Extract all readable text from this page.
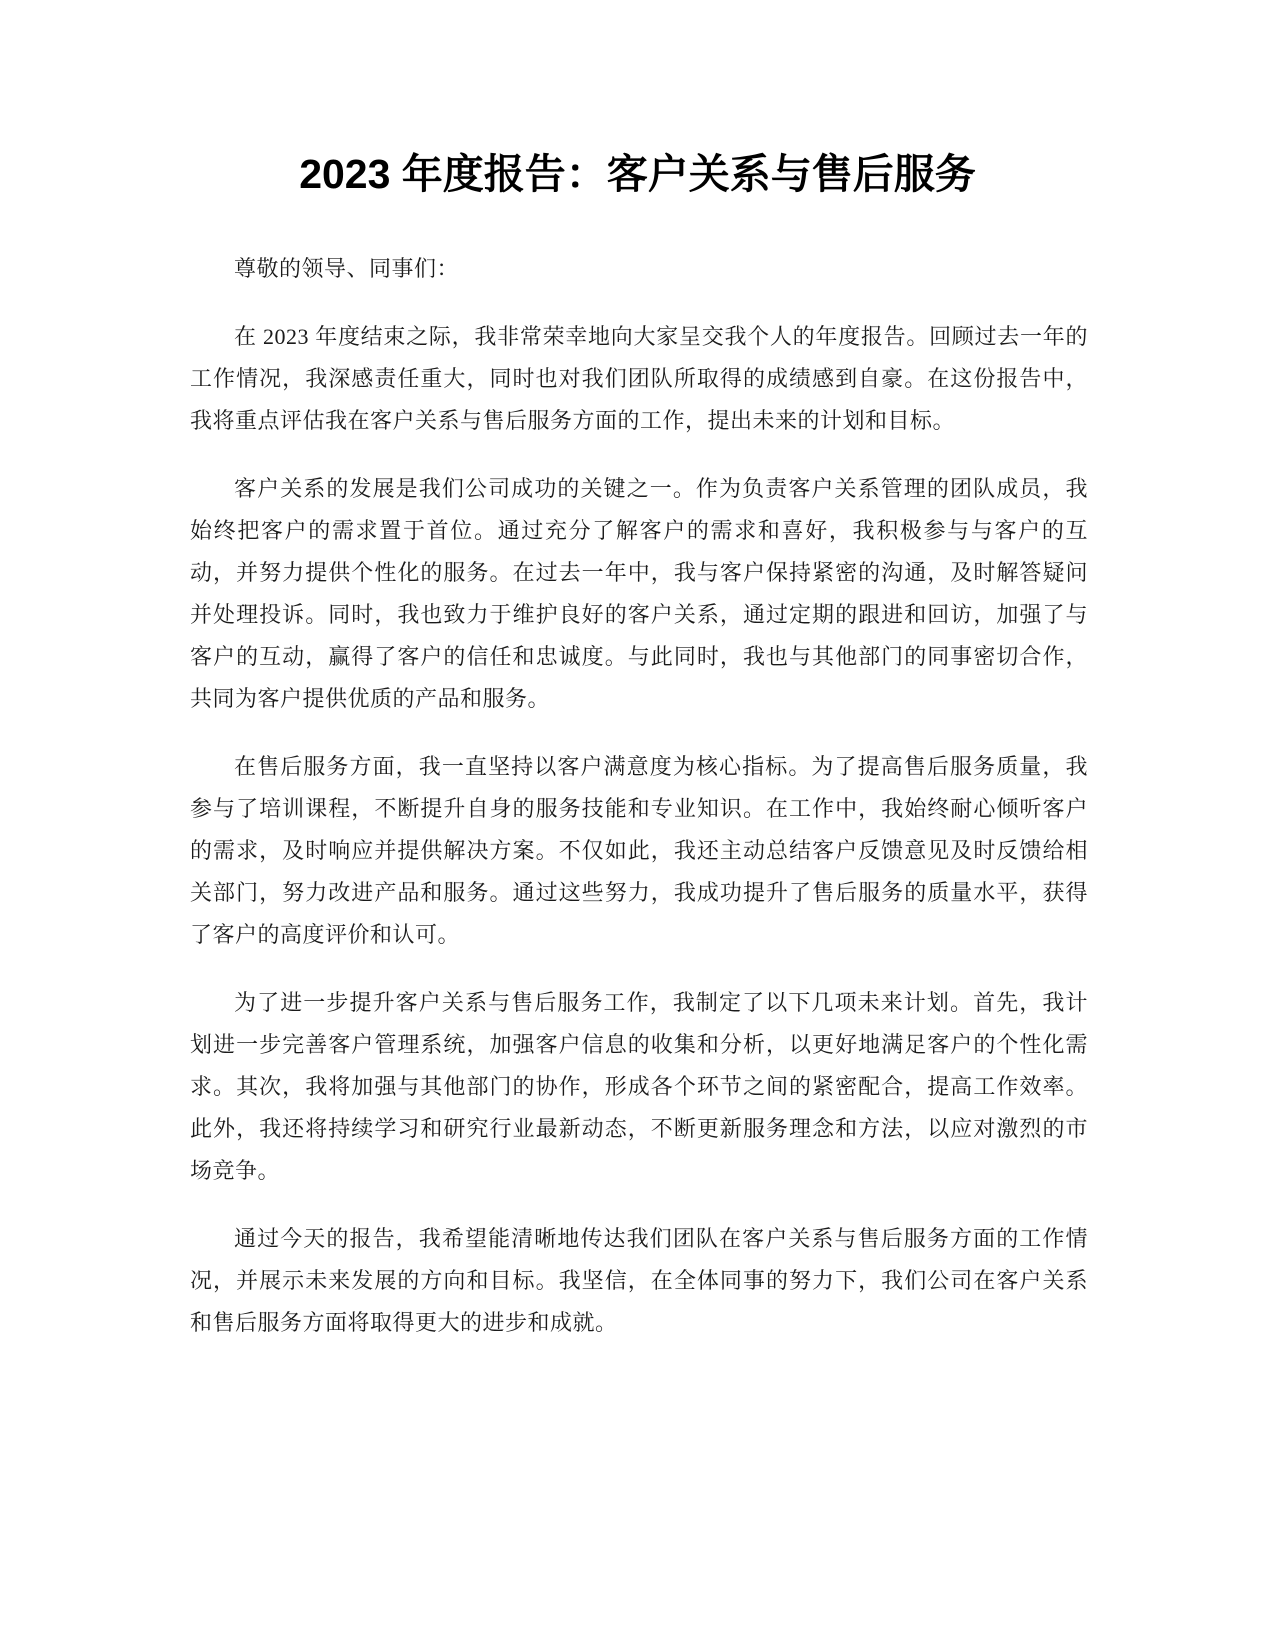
2023 年度报告：客户关系与售后服务

尊敬的领导、同事们：

在 2023 年度结束之际，我非常荣幸地向大家呈交我个人的年度报告。回顾过去一年的工作情况，我深感责任重大，同时也对我们团队所取得的成绩感到自豪。在这份报告中，我将重点评估我在客户关系与售后服务方面的工作，提出未来的计划和目标。

客户关系的发展是我们公司成功的关键之一。作为负责客户关系管理的团队成员，我始终把客户的需求置于首位。通过充分了解客户的需求和喜好，我积极参与与客户的互动，并努力提供个性化的服务。在过去一年中，我与客户保持紧密的沟通，及时解答疑问并处理投诉。同时，我也致力于维护良好的客户关系，通过定期的跟进和回访，加强了与客户的互动，赢得了客户的信任和忠诚度。与此同时，我也与其他部门的同事密切合作，共同为客户提供优质的产品和服务。

在售后服务方面，我一直坚持以客户满意度为核心指标。为了提高售后服务质量，我参与了培训课程，不断提升自身的服务技能和专业知识。在工作中，我始终耐心倾听客户的需求，及时响应并提供解决方案。不仅如此，我还主动总结客户反馈意见及时反馈给相关部门，努力改进产品和服务。通过这些努力，我成功提升了售后服务的质量水平，获得了客户的高度评价和认可。

为了进一步提升客户关系与售后服务工作，我制定了以下几项未来计划。首先，我计划进一步完善客户管理系统，加强客户信息的收集和分析，以更好地满足客户的个性化需求。其次，我将加强与其他部门的协作，形成各个环节之间的紧密配合，提高工作效率。此外，我还将持续学习和研究行业最新动态，不断更新服务理念和方法，以应对激烈的市场竞争。

通过今天的报告，我希望能清晰地传达我们团队在客户关系与售后服务方面的工作情况，并展示未来发展的方向和目标。我坚信，在全体同事的努力下，我们公司在客户关系和售后服务方面将取得更大的进步和成就。
